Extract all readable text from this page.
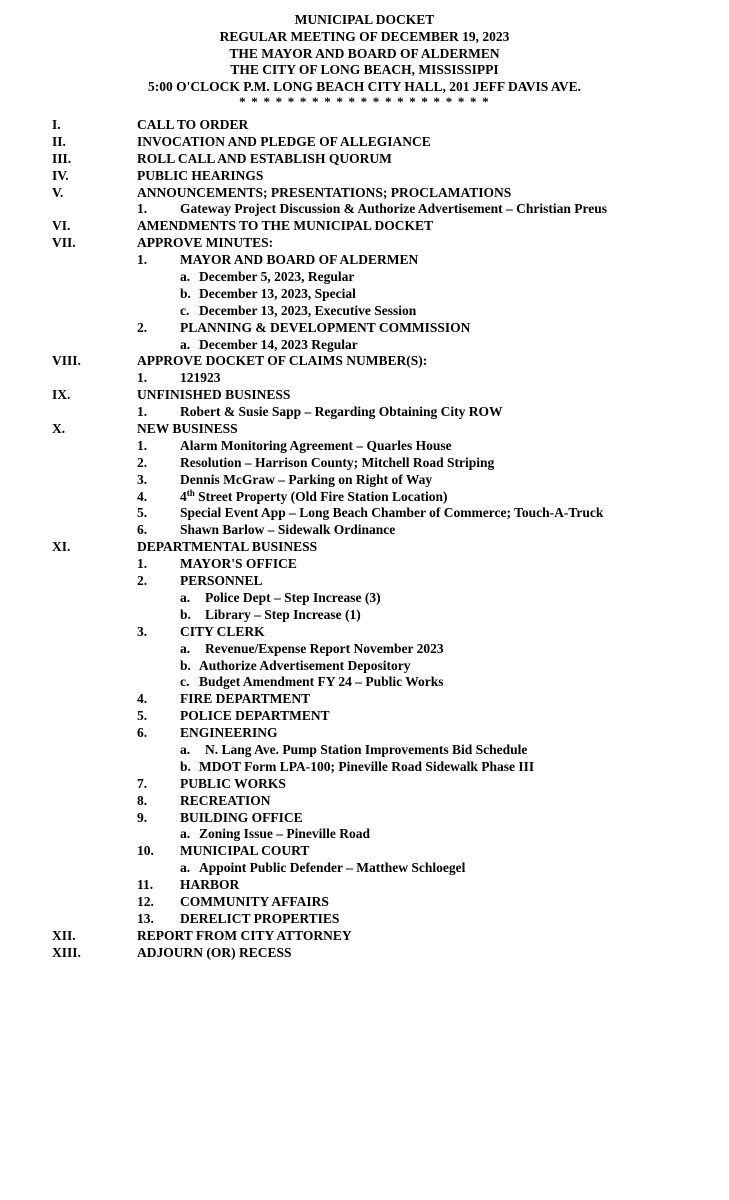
MUNICIPAL DOCKET
REGULAR MEETING OF DECEMBER 19, 2023
THE MAYOR AND BOARD OF ALDERMEN
THE CITY OF LONG BEACH, MISSISSIPPI
5:00 O'CLOCK P.M. LONG BEACH CITY HALL, 201 JEFF DAVIS AVE.
* * * * * * * * * * * * * * * * * * * * *
I.	CALL TO ORDER
II.	INVOCATION AND PLEDGE OF ALLEGIANCE
III.	ROLL CALL AND ESTABLISH QUORUM
IV.	PUBLIC HEARINGS
V.	ANNOUNCEMENTS; PRESENTATIONS; PROCLAMATIONS
1. Gateway Project Discussion & Authorize Advertisement – Christian Preus
VI.	AMENDMENTS TO THE MUNICIPAL DOCKET
VII.	APPROVE MINUTES:
1. MAYOR AND BOARD OF ALDERMEN
a. December 5, 2023, Regular
b. December 13, 2023, Special
c. December 13, 2023, Executive Session
2. PLANNING & DEVELOPMENT COMMISSION
a. December 14, 2023 Regular
VIII.	APPROVE DOCKET OF CLAIMS NUMBER(S):
1. 121923
IX.	UNFINISHED BUSINESS
1. Robert & Susie Sapp – Regarding Obtaining City ROW
X.	NEW BUSINESS
1. Alarm Monitoring Agreement – Quarles House
2. Resolution – Harrison County; Mitchell Road Striping
3. Dennis McGraw – Parking on Right of Way
4. 4th Street Property (Old Fire Station Location)
5. Special Event App – Long Beach Chamber of Commerce; Touch-A-Truck
6. Shawn Barlow – Sidewalk Ordinance
XI.	DEPARTMENTAL BUSINESS
1. MAYOR'S OFFICE
2. PERSONNEL
a. Police Dept – Step Increase (3)
b. Library – Step Increase (1)
3. CITY CLERK
a. Revenue/Expense Report November 2023
b. Authorize Advertisement Depository
c. Budget Amendment FY 24 – Public Works
4. FIRE DEPARTMENT
5. POLICE DEPARTMENT
6. ENGINEERING
a. N. Lang Ave. Pump Station Improvements Bid Schedule
b. MDOT Form LPA-100; Pineville Road Sidewalk Phase III
7. PUBLIC WORKS
8. RECREATION
9. BUILDING OFFICE
a. Zoning Issue – Pineville Road
10. MUNICIPAL COURT
a. Appoint Public Defender – Matthew Schloegel
11. HARBOR
12. COMMUNITY AFFAIRS
13. DERELICT PROPERTIES
XII.	REPORT FROM CITY ATTORNEY
XIII.	ADJOURN (OR) RECESS
